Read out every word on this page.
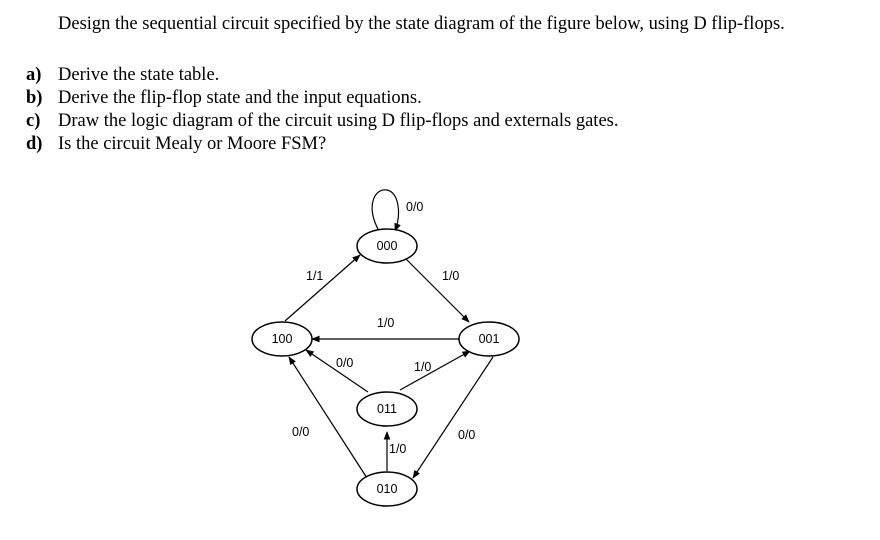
Design the sequential circuit specified by the state diagram of the figure below, using D flip-flops.
a) Derive the state table.
b) Derive the flip-flop state and the input equations.
c) Draw the logic diagram of the circuit using D flip-flops and externals gates.
d) Is the circuit Mealy or Moore FSM?
0/0
1/0
1/1
1/0
0/0	1/0
0/0	0/0
1/0
000
100	001
011
010
